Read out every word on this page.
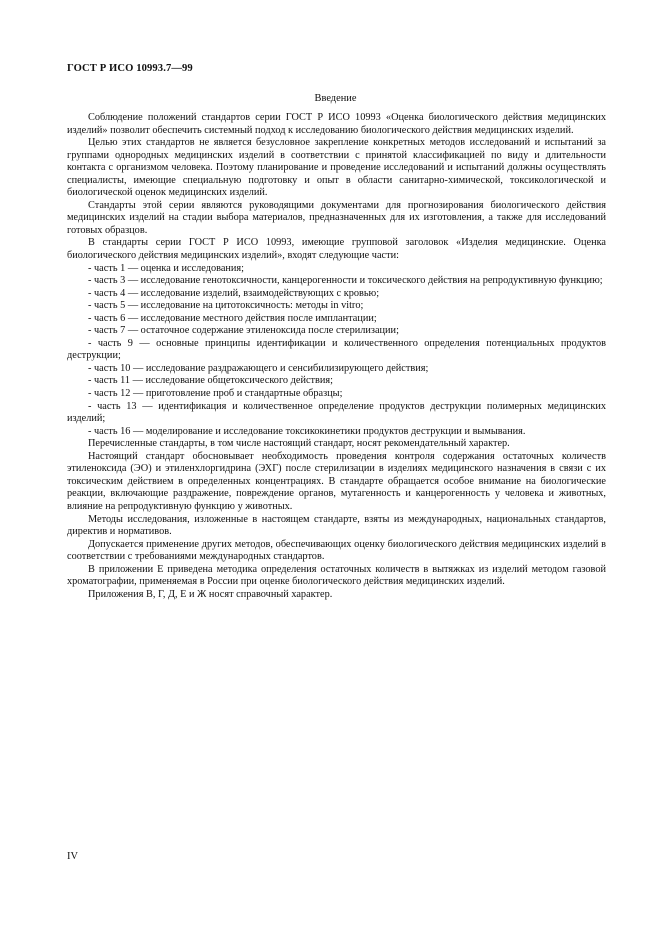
ГОСТ Р ИСО 10993.7—99
Введение

Соблюдение положений стандартов серии ГОСТ Р ИСО 10993 «Оценка биологического действия медицинских изделий» позволит обеспечить системный подход к исследованию биологического действия медицинских изделий.

Целью этих стандартов не является безусловное закрепление конкретных методов исследований и испытаний за группами однородных медицинских изделий в соответствии с принятой классификацией по виду и длительности контакта с организмом человека. Поэтому планирование и проведение исследований и испытаний должны осуществлять специалисты, имеющие специальную подготовку и опыт в области санитарно-химической, токсикологической и биологической оценок медицинских изделий.

Стандарты этой серии являются руководящими документами для прогнозирования биологического действия медицинских изделий на стадии выбора материалов, предназначенных для их изготовления, а также для исследований готовых образцов.

В стандарты серии ГОСТ Р ИСО 10993, имеющие групповой заголовок «Изделия медицинские. Оценка биологического действия медицинских изделий», входят следующие части:

- часть 1 — оценка и исследования;

- часть 3 — исследование генотоксичности, канцерогенности и токсического действия на репродуктивную функцию;

- часть 4 — исследование изделий, взаимодействующих с кровью;

- часть 5 — исследование на цитотоксичность: методы in vitro;

- часть 6 — исследование местного действия после имплантации;

- часть 7 — остаточное содержание этиленоксида после стерилизации;

- часть 9 — основные принципы идентификации и количественного определения потенциальных продуктов деструкции;

- часть 10 — исследование раздражающего и сенсибилизирующего действия;

- часть 11 — исследование общетоксического действия;

- часть 12 — приготовление проб и стандартные образцы;

- часть 13 — идентификация и количественное определение продуктов деструкции полимерных медицинских изделий;

- часть 16 — моделирование и исследование токсикокинетики продуктов деструкции и вымывания.

Перечисленные стандарты, в том числе настоящий стандарт, носят рекомендательный характер.

Настоящий стандарт обосновывает необходимость проведения контроля содержания остаточных количеств этиленоксида (ЭО) и этиленхлоргидрина (ЭХГ) после стерилизации в изделиях медицинского назначения в связи с их токсическим действием в определенных концентрациях. В стандарте обращается особое внимание на биологические реакции, включающие раздражение, повреждение органов, мутагенность и канцерогенность у человека и животных, влияние на репродуктивную функцию у животных.

Методы исследования, изложенные в настоящем стандарте, взяты из международных, национальных стандартов, директив и нормативов.

Допускается применение других методов, обеспечивающих оценку биологического действия медицинских изделий в соответствии с требованиями международных стандартов.

В приложении Е приведена методика определения остаточных количеств в вытяжках из изделий методом газовой хроматографии, применяемая в России при оценке биологического действия медицинских изделий.

Приложения В, Г, Д, Е и Ж носят справочный характер.

IV
